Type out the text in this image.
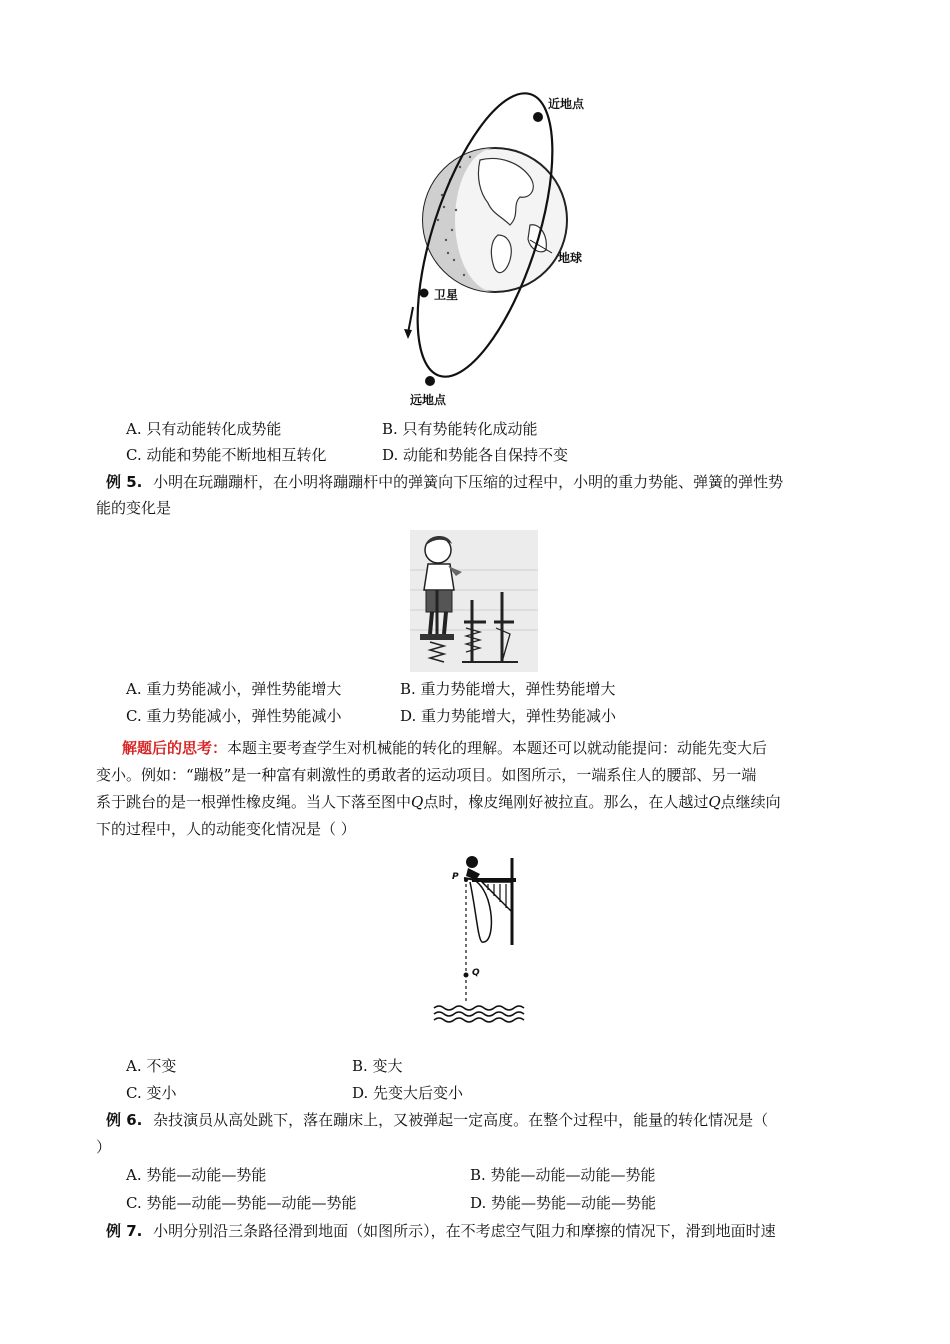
近地点
地球
卫星
远地点
A. 只有动能转化成势能	B. 只有势能转化成动能
C. 动能和势能不断地相互转化	D. 动能和势能各自保持不变
例 5. 小明在玩蹦蹦杆，在小明将蹦蹦杆中的弹簧向下压缩的过程中，小明的重力势能、弹簧的弹性势
能的变化是
A. 重力势能减小，弹性势能增大	B. 重力势能增大，弹性势能增大
C. 重力势能减小，弹性势能减小	D. 重力势能增大，弹性势能减小
解题后的思考：本题主要考查学生对机械能的转化的理解。本题还可以就动能提问：动能先变大后
变小。例如：“蹦极”是一种富有刺激性的勇敢者的运动项目。如图所示，一端系住人的腰部、另一端
系于跳台的是一根弹性橡皮绳。当人下落至图中Q点时，橡皮绳刚好被拉直。那么，在人越过Q点继续向
下的过程中，人的动能变化情况是（ ）
P
Q
A. 不变	B. 变大
C. 变小	D. 先变大后变小
例 6. 杂技演员从高处跳下，落在蹦床上，又被弹起一定高度。在整个过程中，能量的转化情况是（
）
A. 势能—动能—势能	B. 势能—动能—动能—势能
C. 势能—动能—势能—动能—势能	D. 势能—势能—动能—势能
例 7. 小明分别沿三条路径滑到地面（如图所示），在不考虑空气阻力和摩擦的情况下，滑到地面时速
